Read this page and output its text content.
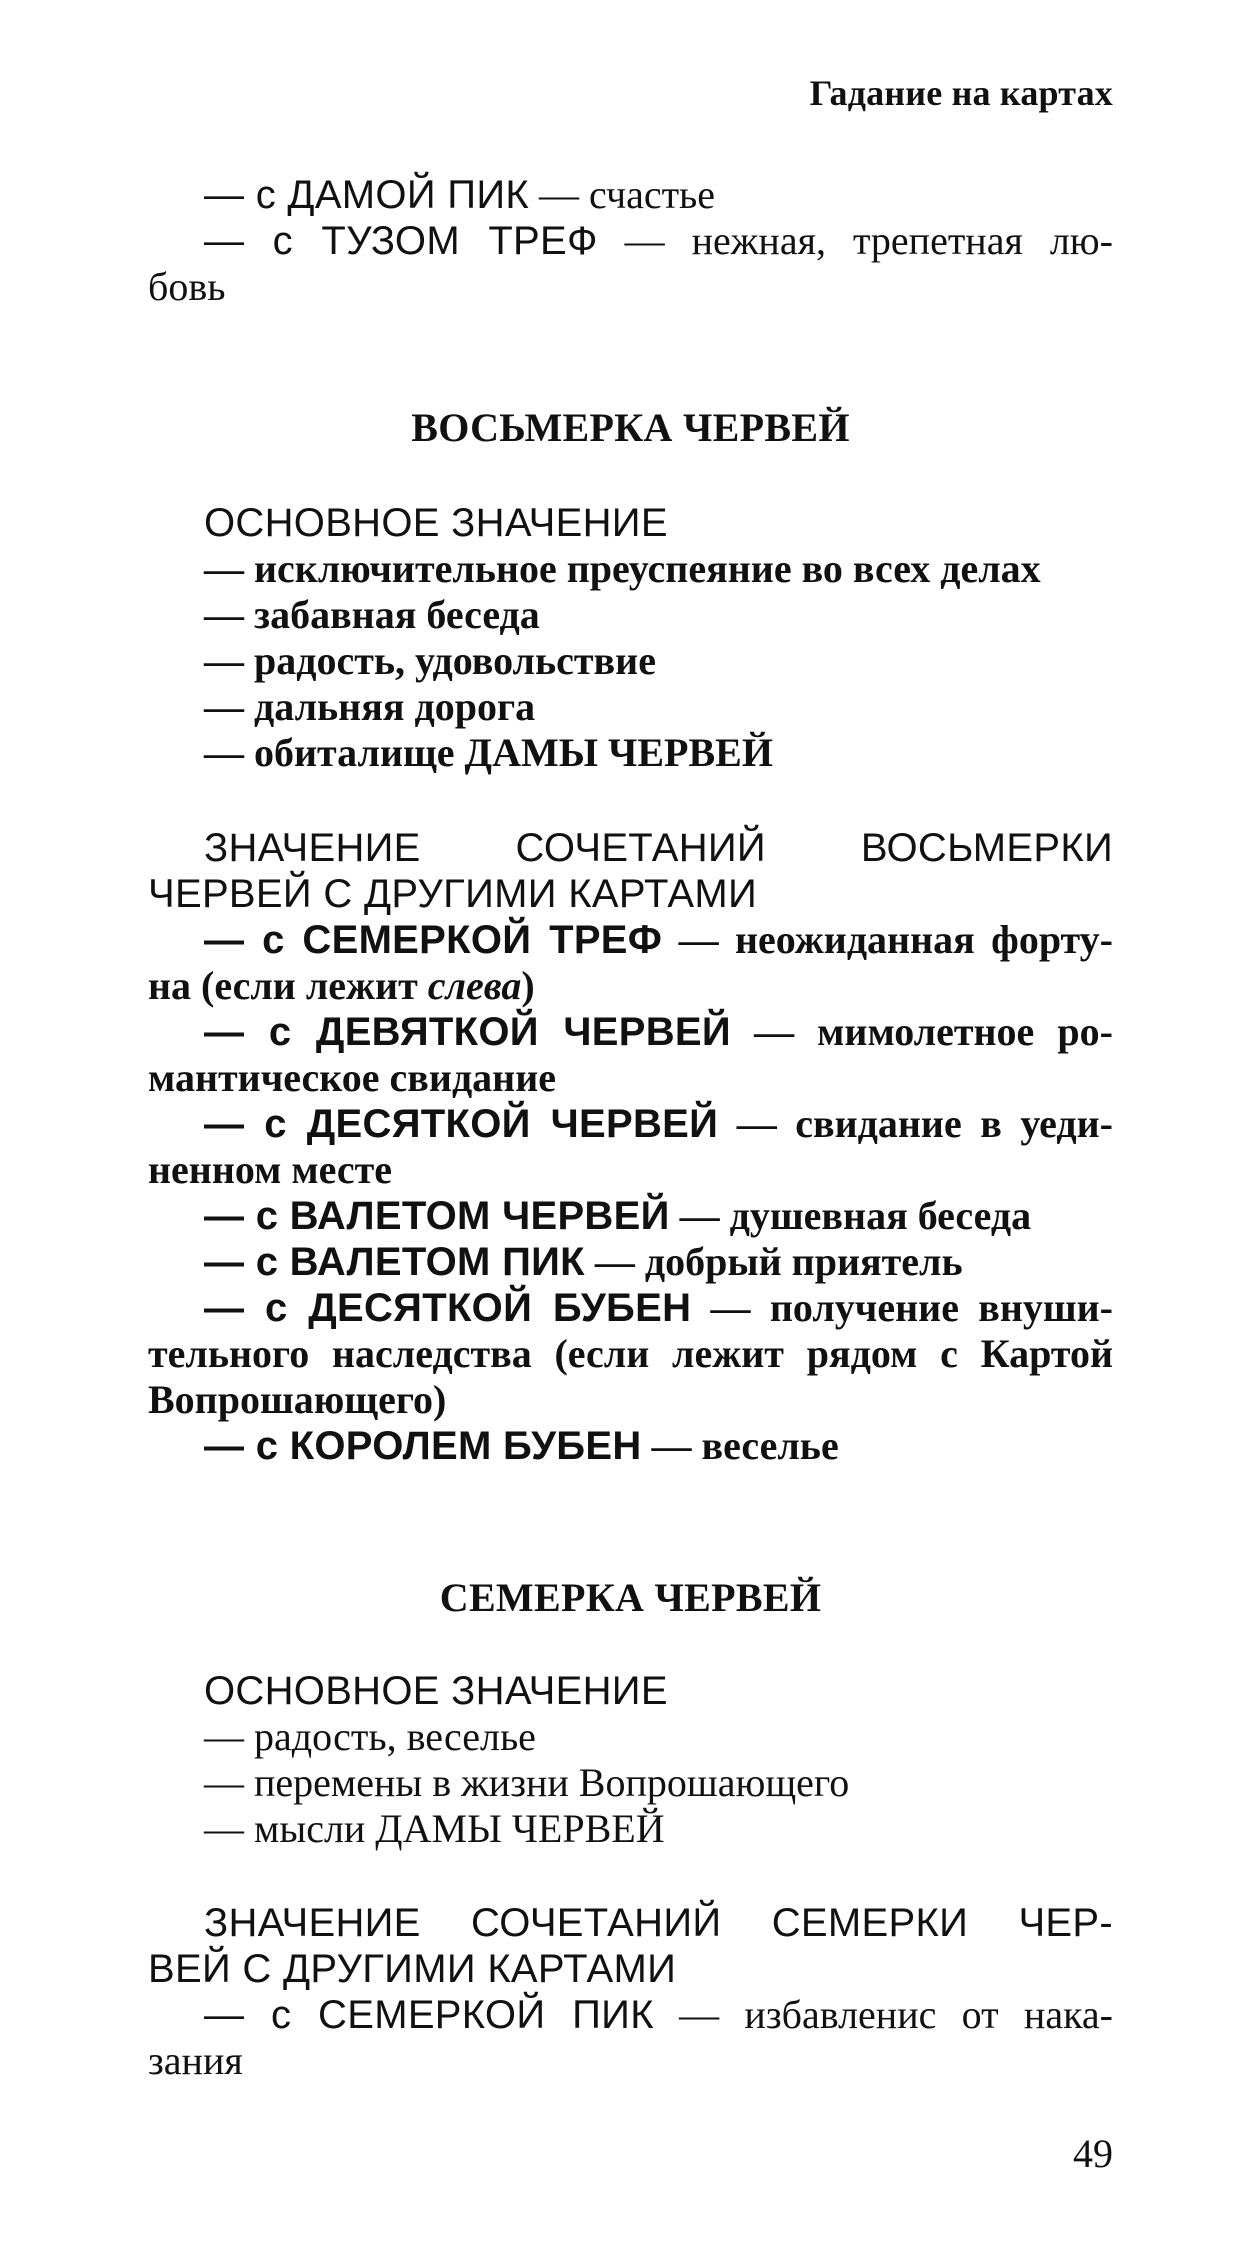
Гадание на картах
— с ДАМОЙ ПИК — счастье
— с ТУЗОМ ТРЕФ — нежная, трепетная лю-
бовь
ВОСЬМЕРКА ЧЕРВЕЙ
ОСНОВНОЕ ЗНАЧЕНИЕ
— исключительное преуспеяние во всех делах
— забавная беседа
— радость, удовольствие
— дальняя дорога
— обиталище ДАМЫ ЧЕРВЕЙ
ЗНАЧЕНИЕ СОЧЕТАНИЙ ВОСЬМЕРКИ
ЧЕРВЕЙ С ДРУГИМИ КАРТАМИ
— с СЕМЕРКОЙ ТРЕФ — неожиданная форту-
на (если лежит слева)
— с ДЕВЯТКОЙ ЧЕРВЕЙ — мимолетное ро-
мантическое свидание
— с ДЕСЯТКОЙ ЧЕРВЕЙ — свидание в уеди-
ненном месте
— с ВАЛЕТОМ ЧЕРВЕЙ — душевная беседа
— с ВАЛЕТОМ ПИК — добрый приятель
— с ДЕСЯТКОЙ БУБЕН — получение внуши-
тельного наследства (если лежит рядом с Картой
Вопрошающего)
— с КОРОЛЕМ БУБЕН — веселье
СЕМЕРКА ЧЕРВЕЙ
ОСНОВНОЕ ЗНАЧЕНИЕ
— радость, веселье
— перемены в жизни Вопрошающего
— мысли ДАМЫ ЧЕРВЕЙ
ЗНАЧЕНИЕ СОЧЕТАНИЙ СЕМЕРКИ ЧЕР-
ВЕЙ С ДРУГИМИ КАРТАМИ
— с СЕМЕРКОЙ ПИК — избавленис от нака-
зания
49
